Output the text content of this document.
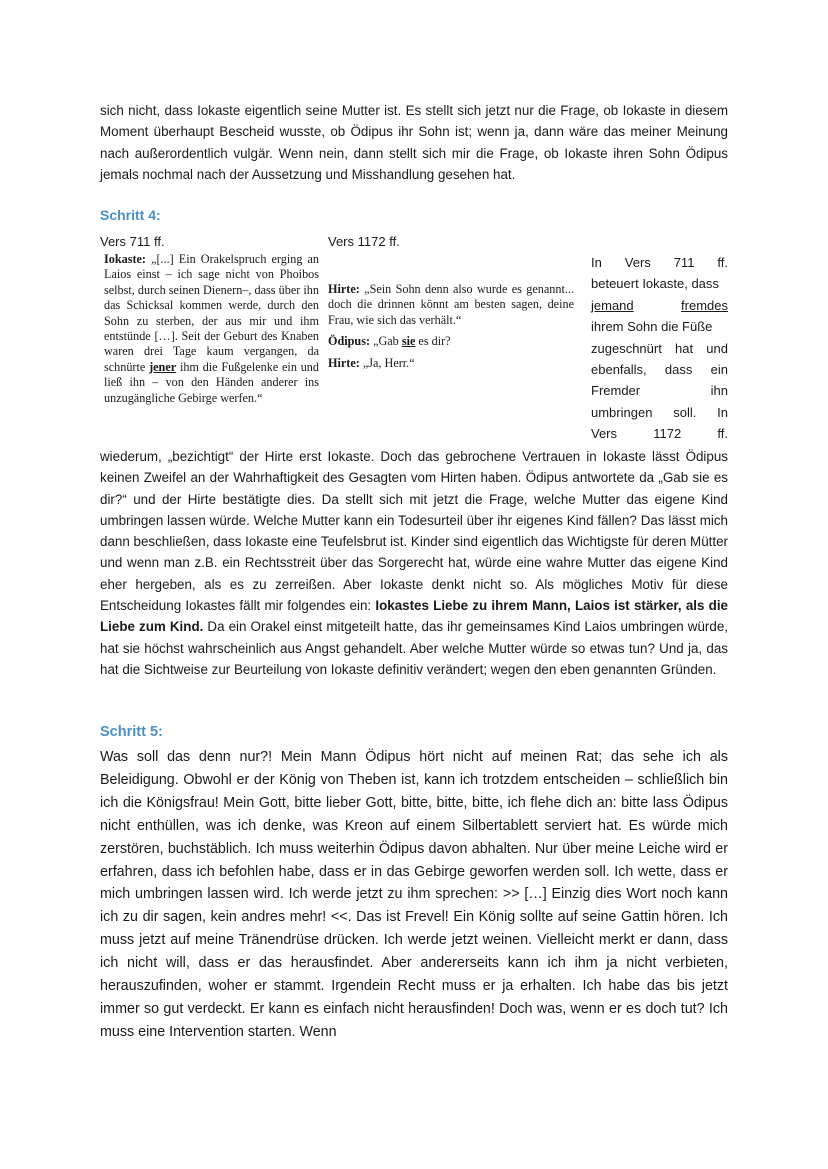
sich nicht, dass Iokaste eigentlich seine Mutter ist. Es stellt sich jetzt nur die Frage, ob Iokaste in diesem Moment überhaupt Bescheid wusste, ob Ödipus ihr Sohn ist; wenn ja, dann wäre das meiner Meinung nach außerordentlich vulgär. Wenn nein, dann stellt sich mir die Frage, ob Iokaste ihren Sohn Ödipus jemals nochmal nach der Aussetzung und Misshandlung gesehen hat.

Schritt 4:
Vers 711 ff.	Vers 1172 ff.
Iokaste: „[...] Ein Orakelspruch erging an Laios einst – ich sage nicht von Phoibos selbst, durch seinen Dienern–, dass über ihn das Schicksal kommen werde, durch den Sohn zu sterben, der aus mir und ihm entstünde […]. Seit der Geburt des Knaben waren drei Tage kaum vergangen, da schnürte jener ihm die Fußgelenke ein und ließ ihn – von den Händen anderer ins unzugängliche Gebirge werfen.“
Hirte: „Sein Sohn denn also wurde es genannt... doch die drinnen könnt am besten sagen, deine Frau, wie sich das verhält.“
Ödipus: „Gab sie es dir?
Hirte: „Ja, Herr.“
In Vers 711 ff.
beteuert Iokaste, dass
jemand	fremdes
ihrem Sohn die Füße
zugeschnürt hat und
ebenfalls, dass ein
Fremder	ihn
umbringen soll. In
Vers	1172	ff.

wiederum, „bezichtigt“ der Hirte erst Iokaste. Doch das gebrochene Vertrauen in Iokaste lässt Ödipus keinen Zweifel an der Wahrhaftigkeit des Gesagten vom Hirten haben. Ödipus antwortete da „Gab sie es dir?“ und der Hirte bestätigte dies. Da stellt sich mit jetzt die Frage, welche Mutter das eigene Kind umbringen lassen würde. Welche Mutter kann ein Todesurteil über ihr eigenes Kind fällen? Das lässt mich dann beschließen, dass Iokaste eine Teufelsbrut ist. Kinder sind eigentlich das Wichtigste für deren Mütter und wenn man z.B. ein Rechtsstreit über das Sorgerecht hat, würde eine wahre Mutter das eigene Kind eher hergeben, als es zu zerreißen. Aber Iokaste denkt nicht so. Als mögliches Motiv für diese Entscheidung Iokastes fällt mir folgendes ein: Iokastes Liebe zu ihrem Mann, Laios ist stärker, als die Liebe zum Kind. Da ein Orakel einst mitgeteilt hatte, das ihr gemeinsames Kind Laios umbringen würde, hat sie höchst wahrscheinlich aus Angst gehandelt. Aber welche Mutter würde so etwas tun? Und ja, das hat die Sichtweise zur Beurteilung von Iokaste definitiv verändert; wegen den eben genannten Gründen.

Schritt 5:

Was soll das denn nur?! Mein Mann Ödipus hört nicht auf meinen Rat; das sehe ich als Beleidigung. Obwohl er der König von Theben ist, kann ich trotzdem entscheiden – schließlich bin ich die Königsfrau! Mein Gott, bitte lieber Gott, bitte, bitte, bitte, ich flehe dich an: bitte lass Ödipus nicht enthüllen, was ich denke, was Kreon auf einem Silbertablett serviert hat. Es würde mich zerstören, buchstäblich. Ich muss weiterhin Ödipus davon abhalten. Nur über meine Leiche wird er erfahren, dass ich befohlen habe, dass er in das Gebirge geworfen werden soll. Ich wette, dass er mich umbringen lassen wird. Ich werde jetzt zu ihm sprechen: >> […] Einzig dies Wort noch kann ich zu dir sagen, kein andres mehr! <<. Das ist Frevel! Ein König sollte auf seine Gattin hören. Ich muss jetzt auf meine Tränendrüse drücken. Ich werde jetzt weinen. Vielleicht merkt er dann, dass ich nicht will, dass er das herausfindet. Aber andererseits kann ich ihm ja nicht verbieten, herauszufinden, woher er stammt. Irgendein Recht muss er ja erhalten. Ich habe das bis jetzt immer so gut verdeckt. Er kann es einfach nicht herausfinden! Doch was, wenn er es doch tut? Ich muss eine Intervention starten. Wenn
